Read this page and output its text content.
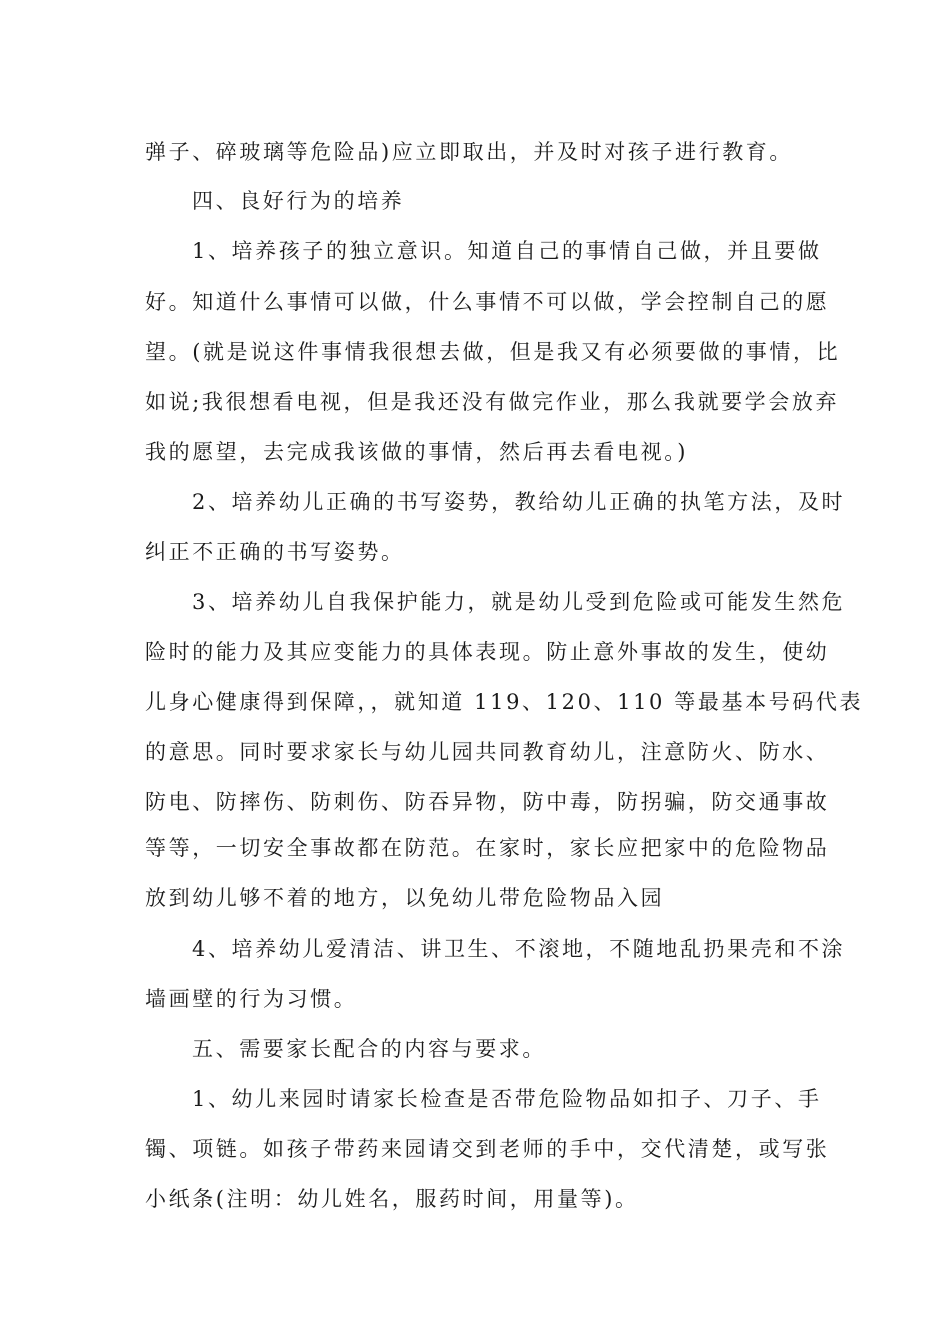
弹子、碎玻璃等危险品)应立即取出，并及时对孩子进行教育。
四、良好行为的培养
1、培养孩子的独立意识。知道自己的事情自己做，并且要做
好。知道什么事情可以做，什么事情不可以做，学会控制自己的愿
望。(就是说这件事情我很想去做，但是我又有必须要做的事情，比
如说;我很想看电视，但是我还没有做完作业，那么我就要学会放弃
我的愿望，去完成我该做的事情，然后再去看电视。)
2、培养幼儿正确的书写姿势，教给幼儿正确的执笔方法，及时
纠正不正确的书写姿势。
3、培养幼儿自我保护能力，就是幼儿受到危险或可能发生然危
险时的能力及其应变能力的具体表现。防止意外事故的发生，使幼
儿身心健康得到保障，，就知道 119、120、110 等最基本号码代表
的意思。同时要求家长与幼儿园共同教育幼儿，注意防火、防水、
防电、防摔伤、防刺伤、防吞异物，防中毒，防拐骗，防交通事故
等等，一切安全事故都在防范。在家时，家长应把家中的危险物品
放到幼儿够不着的地方，以免幼儿带危险物品入园
4、培养幼儿爱清洁、讲卫生、不滚地，不随地乱扔果壳和不涂
墙画壁的行为习惯。
五、需要家长配合的内容与要求。
1、幼儿来园时请家长检查是否带危险物品如扣子、刀子、手
镯、项链。如孩子带药来园请交到老师的手中，交代清楚，或写张
小纸条(注明：幼儿姓名，服药时间，用量等)。
